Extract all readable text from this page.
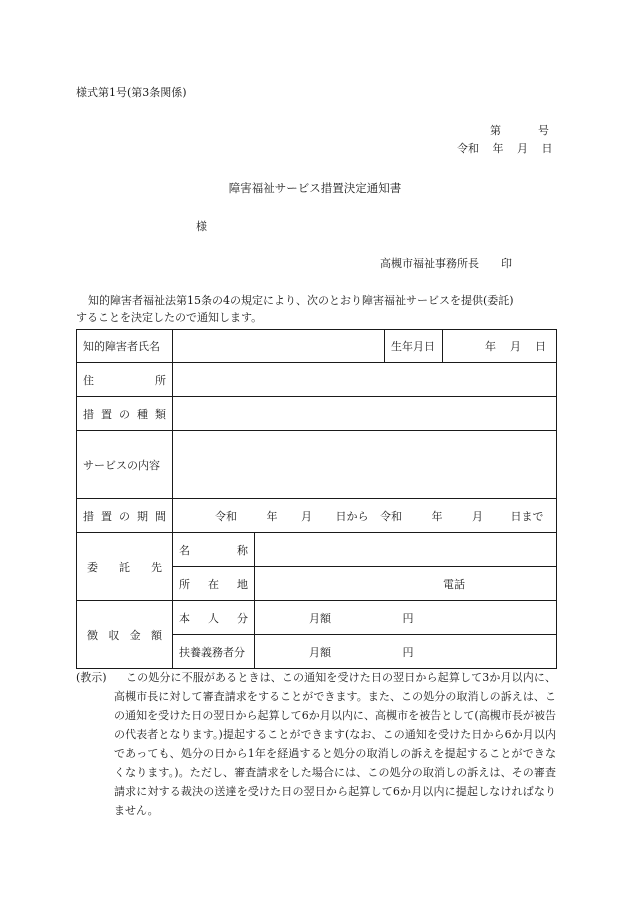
様式第1号(第3条関係)
第	号
令和 年 月 日
障害福祉サービス措置決定通知書
様
高槻市福祉事務所長 印

知的障害者福祉法第15条の4の規定により、次のとおり障害福祉サービスを提供(委託)

することを決定したので通知します。

知的障害者氏名			生年月日	年 月 日
住所				
措置の種類				
サービスの内容				
措置の期間	令和 年 月 日から 令和 年 月 日まで			

委託先	名称			
	所在地	電話		

徴収金額	本人分	月額 円		
	扶養義務者分	月額 円		
(教示)	この処分に不服があるときは、この通知を受けた日の翌日から起算して3か月以内に、高槻市長に対して審査請求をすることができます。また、この処分の取消しの訴えは、この通知を受けた日の翌日から起算して6か月以内に、高槻市を被告として(高槻市長が被告の代表者となります。)提起することができます(なお、この通知を受けた日から6か月以内であっても、処分の日から1年を経過すると処分の取消しの訴えを提起することができなくなります。)。ただし、審査請求をした場合には、この処分の取消しの訴えは、その審査請求に対する裁決の送達を受けた日の翌日から起算して6か月以内に提起しなければなりません。
